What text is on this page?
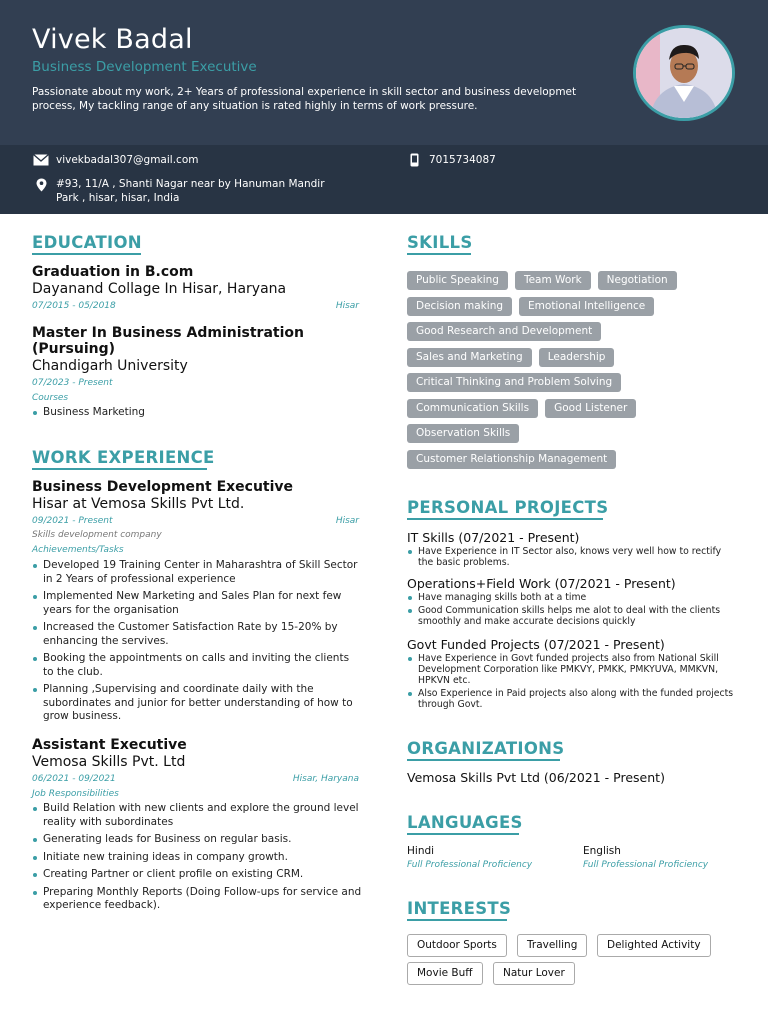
Vivek Badal
Business Development Executive
Passionate about my work, 2+ Years of professional experience in skill sector and business developmet process, My tackling range of any situation is rated highly in terms of work pressure.
vivekbadal307@gmail.com	7015734087
#93, 11/A , Shanti Nagar near by Hanuman Mandir
Park , hisar, hisar, India
EDUCATION
Graduation in B.com
Dayanand Collage In Hisar, Haryana
07/2015 - 05/2018	Hisar
Master In Business Administration (Pursuing)
Chandigarh University
07/2023 - Present
Courses
Business Marketing
WORK EXPERIENCE
Business Development Executive
Hisar at Vemosa Skills Pvt Ltd.
09/2021 - Present	Hisar
Skills development company
Achievements/Tasks
Developed 19 Training Center in Maharashtra of Skill Sector in 2 Years of professional experience
Implemented New Marketing and Sales Plan for next few years for the organisation
Increased the Customer Satisfaction Rate by 15-20% by enhancing the servives.
Booking the appointments on calls and inviting the clients to the club.
Planning ,Supervising and coordinate daily with the subordinates and junior for better understanding of how to grow business.
Assistant Executive
Vemosa Skills Pvt. Ltd
06/2021 - 09/2021	Hisar, Haryana
Job Responsibilities
Build Relation with new clients and explore the ground level reality with subordinates
Generating leads for Business on regular basis.
Initiate new training ideas in company growth.
Creating Partner or client profile on existing CRM.
Preparing Monthly Reports (Doing Follow-ups for service and experience feedback).
SKILLS
Public Speaking Team Work Negotiation
Decision making Emotional Intelligence
Good Research and Development
Sales and Marketing Leadership
Critical Thinking and Problem Solving
Communication Skills Good Listener
Observation Skills
Customer Relationship Management
PERSONAL PROJECTS
IT Skills (07/2021 - Present)
Have Experience in IT Sector also, knows very well how to rectify the basic problems.
Operations+Field Work (07/2021 - Present)
Have managing skills both at a time
Good Communication skills helps me alot to deal with the clients smoothly and make accurate decisions quickly
Govt Funded Projects (07/2021 - Present)
Have Experience in Govt funded projects also from National Skill Development Corporation like PMKVY, PMKK, PMKYUVA, MMKVN, HPKVN etc.
Also Experience in Paid projects also along with the funded projects through Govt.
ORGANIZATIONS
Vemosa Skills Pvt Ltd (06/2021 - Present)
LANGUAGES
Hindi
Full Professional Proficiency
English
Full Professional Proficiency
INTERESTS
Outdoor Sports	Travelling	Delighted Activity
Movie Buff	Natur Lover
